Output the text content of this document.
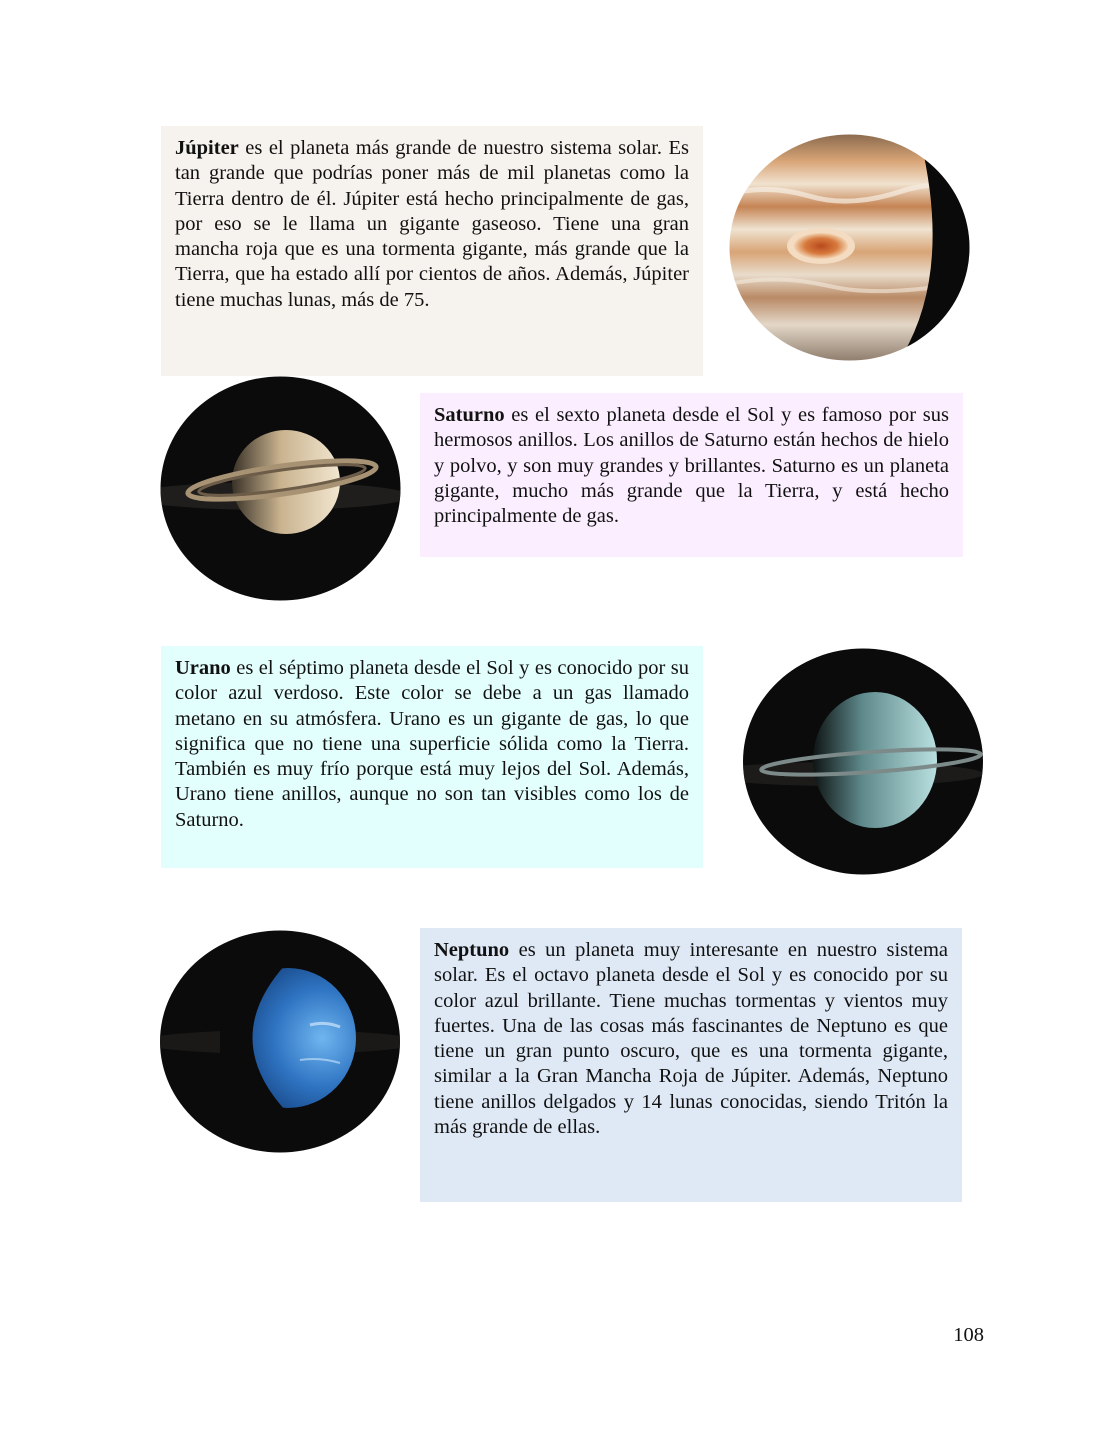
Júpiter es el planeta más grande de nuestro sistema solar. Es tan grande que podrías poner más de mil planetas como la Tierra dentro de él. Júpiter está hecho principalmente de gas, por eso se le llama un gigante gaseoso. Tiene una gran mancha roja que es una tormenta gigante, más grande que la Tierra, que ha estado allí por cientos de años. Además, Júpiter tiene muchas lunas, más de 75.
Saturno es el sexto planeta desde el Sol y es famoso por sus hermosos anillos. Los anillos de Saturno están hechos de hielo y polvo, y son muy grandes y brillantes. Saturno es un planeta gigante, mucho más grande que la Tierra, y está hecho principalmente de gas.
Urano es el séptimo planeta desde el Sol y es conocido por su color azul verdoso. Este color se debe a un gas llamado metano en su atmósfera. Urano es un gigante de gas, lo que significa que no tiene una superficie sólida como la Tierra. También es muy frío porque está muy lejos del Sol. Además, Urano tiene anillos, aunque no son tan visibles como los de Saturno.
Neptuno es un planeta muy interesante en nuestro sistema solar. Es el octavo planeta desde el Sol y es conocido por su color azul brillante. Tiene muchas tormentas y vientos muy fuertes. Una de las cosas más fascinantes de Neptuno es que tiene un gran punto oscuro, que es una tormenta gigante, similar a la Gran Mancha Roja de Júpiter. Además, Neptuno tiene anillos delgados y 14 lunas conocidas, siendo Tritón la más grande de ellas.
108
